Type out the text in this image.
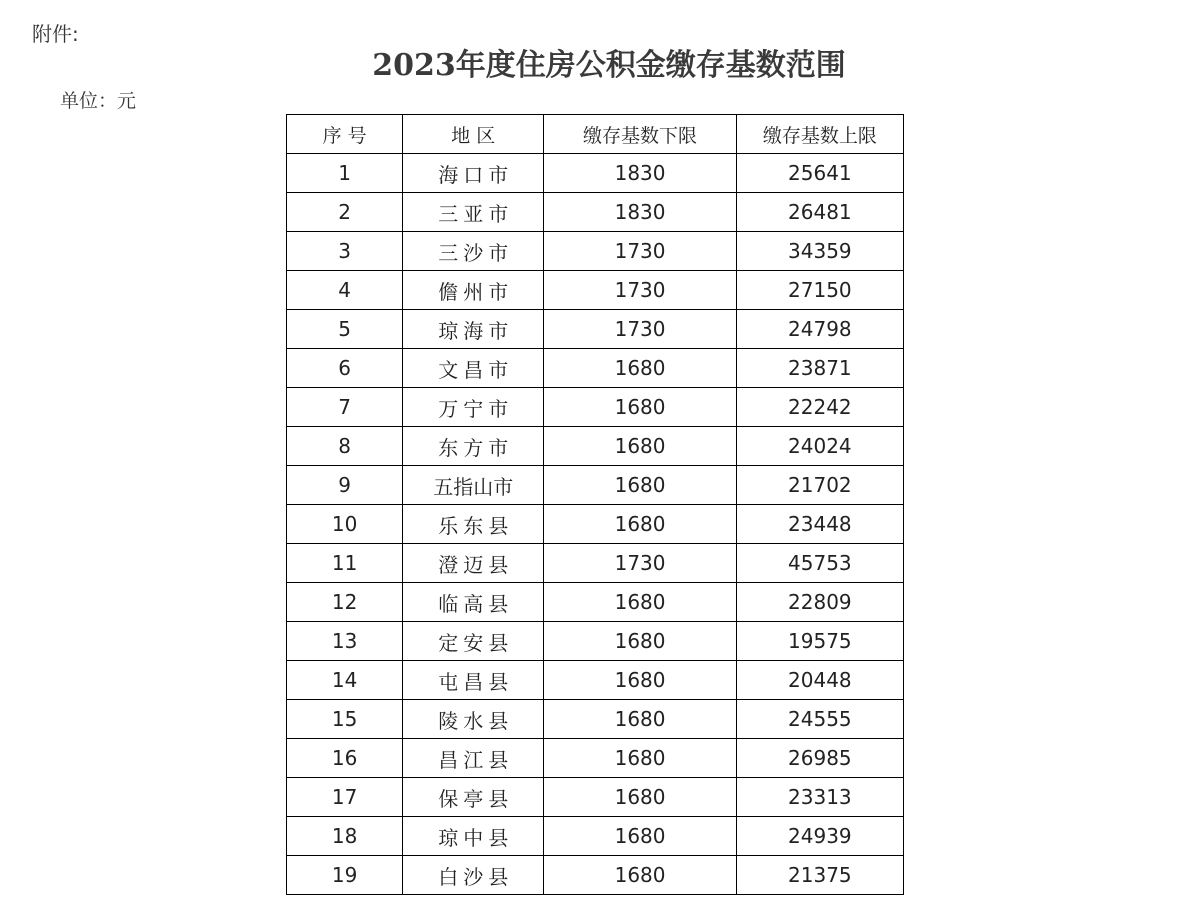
附件:
2023年度住房公积金缴存基数范围
单位：元
序 号	地 区	缴存基数下限	缴存基数上限
1	海口市	1830	25641
2	三亚市	1830	26481
3	三沙市	1730	34359
4	儋州市	1730	27150
5	琼海市	1730	24798
6	文昌市	1680	23871
7	万宁市	1680	22242
8	东方市	1680	24024
9	五指山市	1680	21702
10	乐东县	1680	23448
11	澄迈县	1730	45753
12	临高县	1680	22809
13	定安县	1680	19575
14	屯昌县	1680	20448
15	陵水县	1680	24555
16	昌江县	1680	26985
17	保亭县	1680	23313
18	琼中县	1680	24939
19	白沙县	1680	21375
